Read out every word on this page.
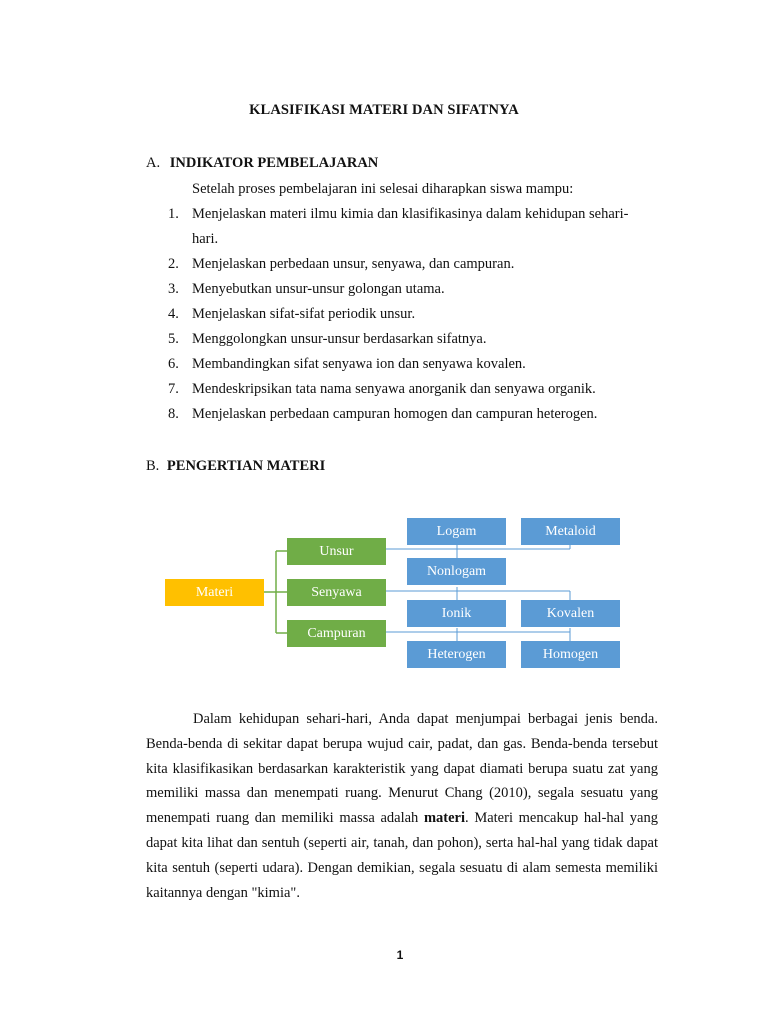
KLASIFIKASI MATERI DAN SIFATNYA
A. INDIKATOR PEMBELAJARAN
Setelah proses pembelajaran ini selesai diharapkan siswa mampu:
1. Menjelaskan materi ilmu kimia dan klasifikasinya dalam kehidupan sehari-
hari.
2. Menjelaskan perbedaan unsur, senyawa, dan campuran.
3. Menyebutkan unsur-unsur golongan utama.
4. Menjelaskan sifat-sifat periodik unsur.
5. Menggolongkan unsur-unsur berdasarkan sifatnya.
6. Membandingkan sifat senyawa ion dan senyawa kovalen.
7. Mendeskripsikan tata nama senyawa anorganik dan senyawa organik.
8. Menjelaskan perbedaan campuran homogen dan campuran heterogen.
B. PENGERTIAN MATERI
Materi
Unsur
Senyawa
Campuran
Logam	Metaloid
Nonlogam
Ionik	Kovalen
Heterogen	Homogen

Dalam kehidupan sehari-hari, Anda dapat menjumpai berbagai jenis benda. Benda-benda di sekitar dapat berupa wujud cair, padat, dan gas. Benda-benda tersebut kita klasifikasikan berdasarkan karakteristik yang dapat diamati berupa suatu zat yang memiliki massa dan menempati ruang. Menurut Chang (2010), segala sesuatu yang menempati ruang dan memiliki massa adalah materi. Materi mencakup hal-hal yang dapat kita lihat dan sentuh (seperti air, tanah, dan pohon), serta hal-hal yang tidak dapat kita sentuh (seperti udara). Dengan demikian, segala sesuatu di alam semesta memiliki kaitannya dengan "kimia".

1
